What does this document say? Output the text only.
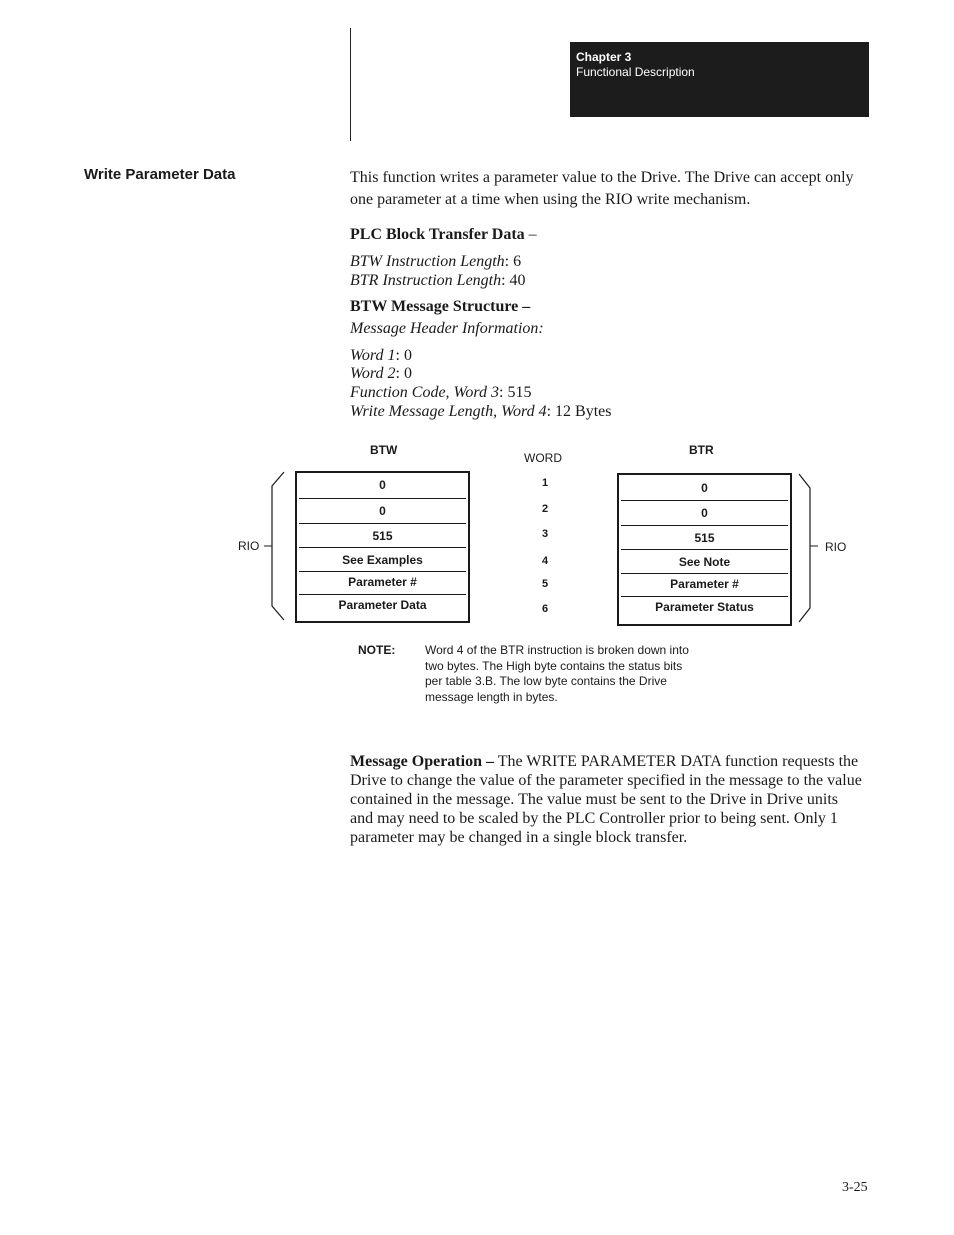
Chapter 3
Functional Description
Write Parameter Data	This function writes a parameter value to the Drive. The Drive can accept only one parameter at a time when using the RIO write mechanism.
PLC Block Transfer Data –
BTW Instruction Length: 6
BTR Instruction Length: 40
BTW Message Structure –
Message Header Information:
Word 1: 0
Word 2: 0
Function Code, Word 3: 515
Write Message Length, Word 4: 12 Bytes
BTW
WORD
BTR
RIO	RIO
0
0
515
See Examples
Parameter #
Parameter Data
1
2
3
4
5
6
0
0
515
See Note
Parameter #
Parameter Status
NOTE: Word 4 of the BTR instruction is broken down into two bytes. The High byte contains the status bits per table 3.B. The low byte contains the Drive message length in bytes.
Message Operation – The WRITE PARAMETER DATA function requests the Drive to change the value of the parameter specified in the message to the value contained in the message. The value must be sent to the Drive in Drive units and may need to be scaled by the PLC Controller prior to being sent. Only 1 parameter may be changed in a single block transfer.
3-25
